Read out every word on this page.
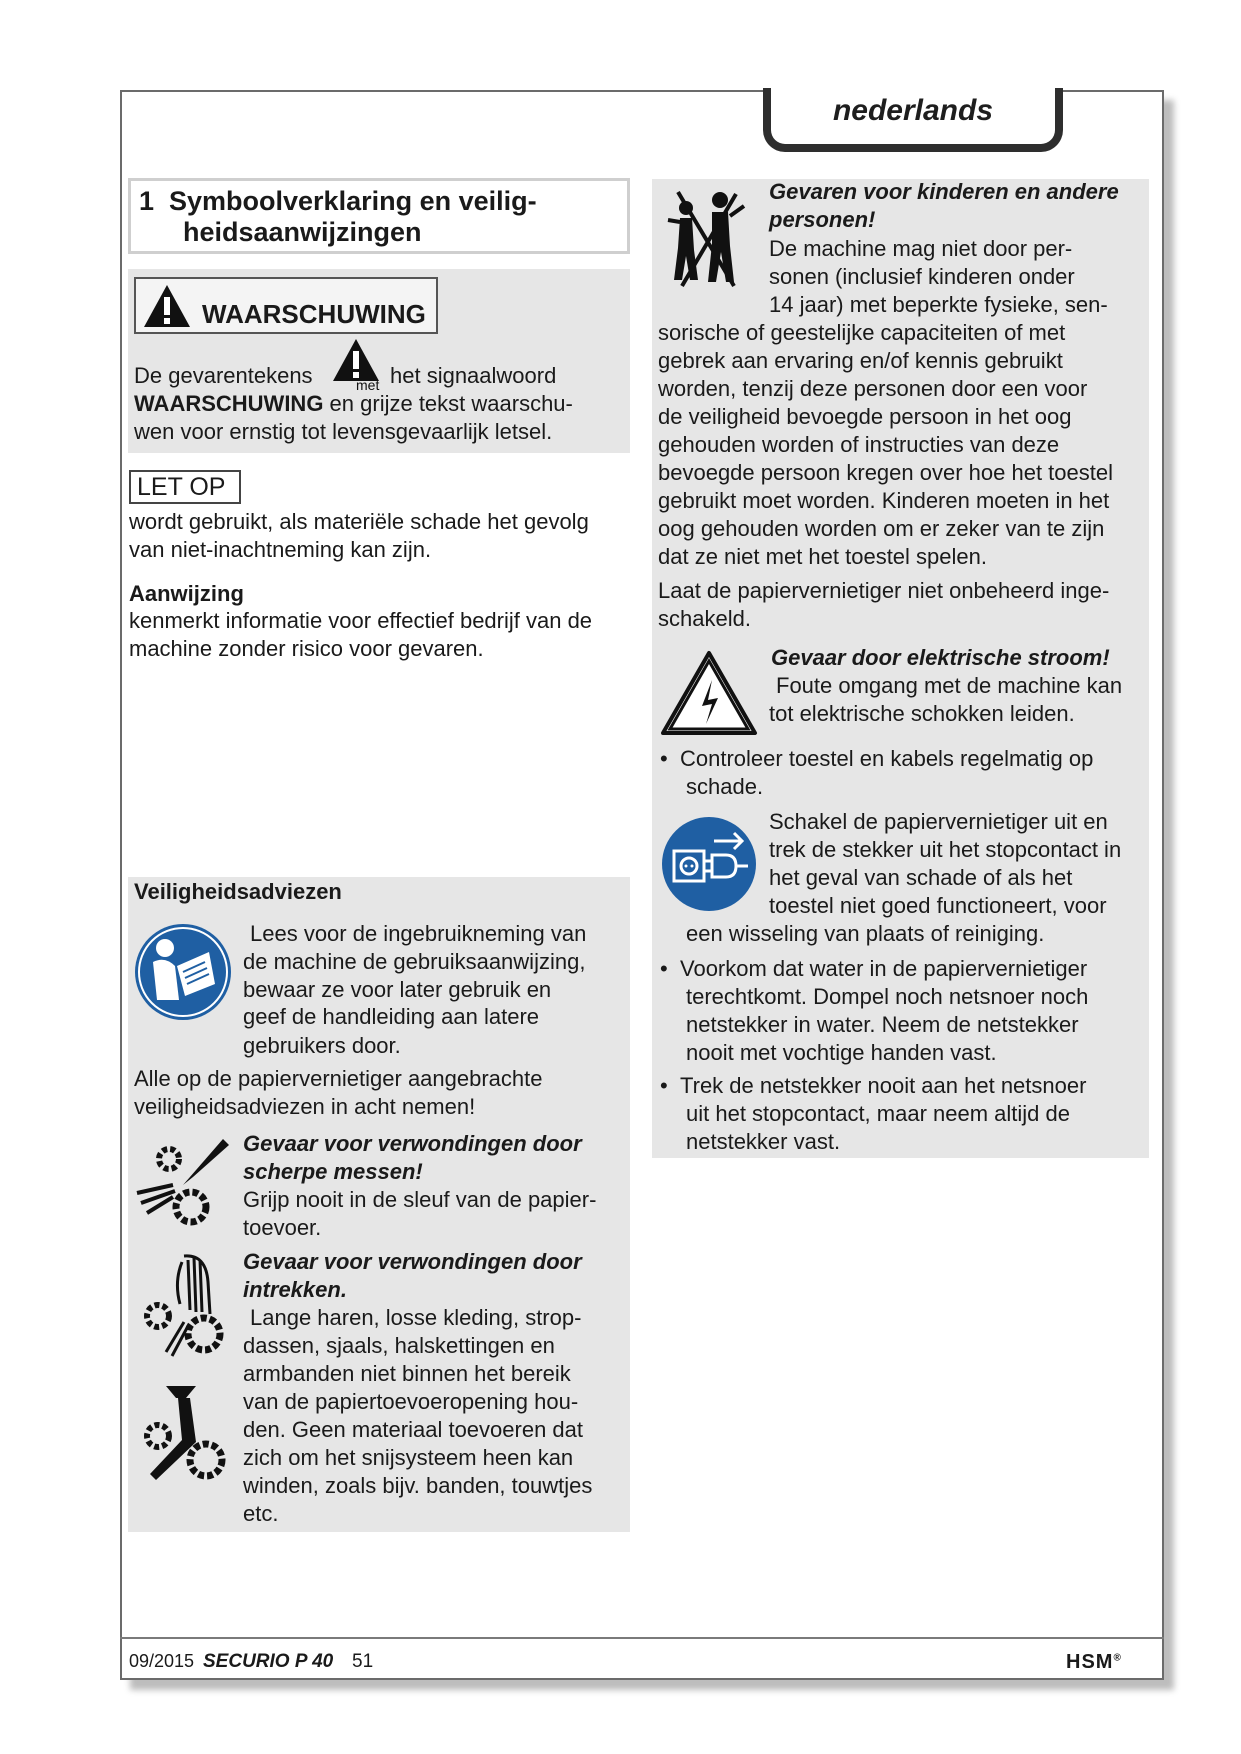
nederlands
1 Symboolverklaring en veilig-
heidsaanwijzingen
WAARSCHUWING
De gevarentekens	met het signaalwoord
WAARSCHUWING en grijze tekst waarschu-
wen voor ernstig tot levensgevaarlijk letsel.
LET OP
wordt gebruikt, als materiële schade het gevolg
van niet-inachtneming kan zijn.
Aanwijzing
kenmerkt informatie voor effectief bedrijf van de
machine zonder risico voor gevaren.
Veiligheidsadviezen
Lees voor de ingebruikneming van
de machine de gebruiksaanwijzing,
bewaar ze voor later gebruik en
geef de handleiding aan latere
gebruikers door.
Alle op de papiervernietiger aangebrachte
veiligheidsadviezen in acht nemen!
Gevaar voor verwondingen door
scherpe messen!
Grijp nooit in de sleuf van de papier-
toevoer.
Gevaar voor verwondingen door
intrekken.
Lange haren, losse kleding, strop-
dassen, sjaals, halskettingen en
armbanden niet binnen het bereik
van de papiertoevoeropening hou-
den. Geen materiaal toevoeren dat
zich om het snijsysteem heen kan
winden, zoals bijv. banden, touwtjes
etc.
Gevaren voor kinderen en andere
personen!
De machine mag niet door per-
sonen (inclusief kinderen onder
14 jaar) met beperkte fysieke, sen-
sorische of geestelijke capaciteiten of met
gebrek aan ervaring en/of kennis gebruikt
worden, tenzij deze personen door een voor
de veiligheid bevoegde persoon in het oog
gehouden worden of instructies van deze
bevoegde persoon kregen over hoe het toestel
gebruikt moet worden. Kinderen moeten in het
oog gehouden worden om er zeker van te zijn
dat ze niet met het toestel spelen.
Laat de papiervernietiger niet onbeheerd inge-
schakeld.
Gevaar door elektrische stroom!
Foute omgang met de machine kan
tot elektrische schokken leiden.
• Controleer toestel en kabels regelmatig op
schade.
Schakel de papiervernietiger uit en
trek de stekker uit het stopcontact in
het geval van schade of als het
toestel niet goed functioneert, voor
een wisseling van plaats of reiniging.
• Voorkom dat water in de papiervernietiger
terechtkomt. Dompel noch netsnoer noch
netstekker in water. Neem de netstekker
nooit met vochtige handen vast.
• Trek de netstekker nooit aan het netsnoer
uit het stopcontact, maar neem altijd de
netstekker vast.
09/2015 SECURIO P 40 51	HSM®
